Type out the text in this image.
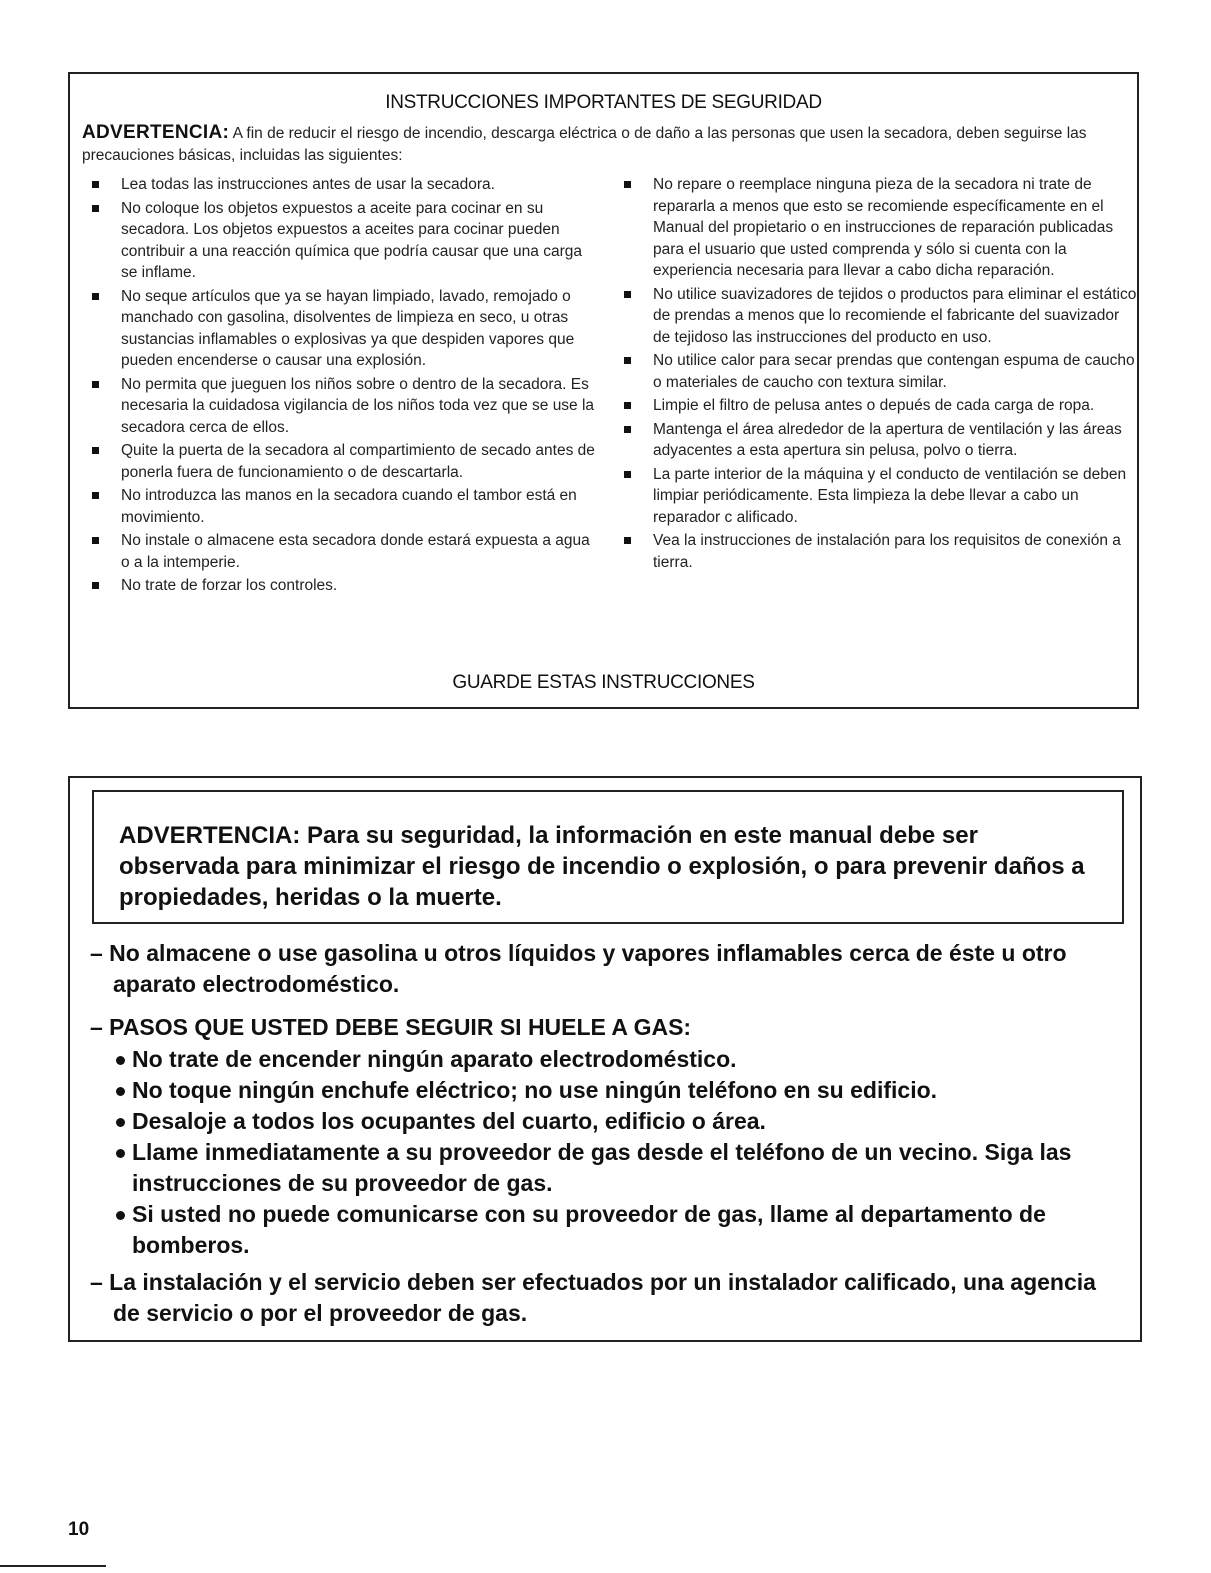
INSTRUCCIONES IMPORTANTES DE SEGURIDAD
ADVERTENCIA: A fin de reducir el riesgo de incendio, descarga eléctrica o de daño a las personas que usen la secadora, deben seguirse las precauciones básicas, incluidas las siguientes:
Lea todas las instrucciones antes de usar la secadora.
No coloque los objetos expuestos a aceite para cocinar en su secadora. Los objetos expuestos a aceites para cocinar pueden contribuir a una reacción química que podría causar que una carga se inflame.
No seque artículos que ya se hayan limpiado, lavado, remojado o manchado con gasolina, disolventes de limpieza en seco, u otras sustancias inflamables o explosivas ya que despiden vapores que pueden encenderse o causar una explosión.
No permita que jueguen los niños sobre o dentro de la secadora. Es necesaria la cuidadosa vigilancia de los niños toda vez que se use la secadora cerca de ellos.
Quite la puerta de la secadora al compartimiento de secado antes de ponerla fuera de funcionamiento o de descartarla.
No introduzca las manos en la secadora cuando el tambor está en movimiento.
No instale o almacene esta secadora donde estará expuesta a agua o a la intemperie.
No trate de forzar los controles.
No repare o reemplace ninguna pieza de la secadora ni trate de repararla a menos que esto se recomiende específicamente en el Manual del propietario o en instrucciones de reparación publicadas para el usuario que usted comprenda y sólo si cuenta con la experiencia necesaria para llevar a cabo dicha reparación.
No utilice suavizadores de tejidos o productos para eliminar el estático de prendas a menos que lo recomiende el fabricante del suavizador de tejidoso las instrucciones del producto en uso.
No utilice calor para secar prendas que contengan espuma de caucho o materiales de caucho con textura similar.
Limpie el filtro de pelusa antes o depués de cada carga de ropa.
Mantenga el área alrededor de la apertura de ventilación y las áreas adyacentes a esta apertura sin pelusa, polvo o tierra.
La parte interior de la máquina y el conducto de ventilación se deben limpiar periódicamente. Esta limpieza la debe llevar a cabo un reparador c alificado.
Vea la instrucciones de instalación para los requisitos de conexión a tierra.
GUARDE ESTAS INSTRUCCIONES
ADVERTENCIA: Para su seguridad, la información en este manual debe ser observada para minimizar el riesgo de incendio o explosión, o para prevenir daños a propiedades, heridas o la muerte.
– No almacene o use gasolina u otros líquidos y vapores inflamables cerca de éste u otro aparato electrodoméstico.
– PASOS QUE USTED DEBE SEGUIR SI HUELE A GAS:
No trate de encender ningún aparato electrodoméstico.
No toque ningún enchufe eléctrico; no use ningún teléfono en su edificio.
Desaloje a todos los ocupantes del cuarto, edificio o área.
Llame inmediatamente a su proveedor de gas desde el teléfono de un vecino. Siga las instrucciones de su proveedor de gas.
Si usted no puede comunicarse con su proveedor de gas, llame al departamento de bomberos.
– La instalación y el servicio deben ser efectuados por un instalador calificado, una agencia de servicio o por el proveedor de gas.
10
